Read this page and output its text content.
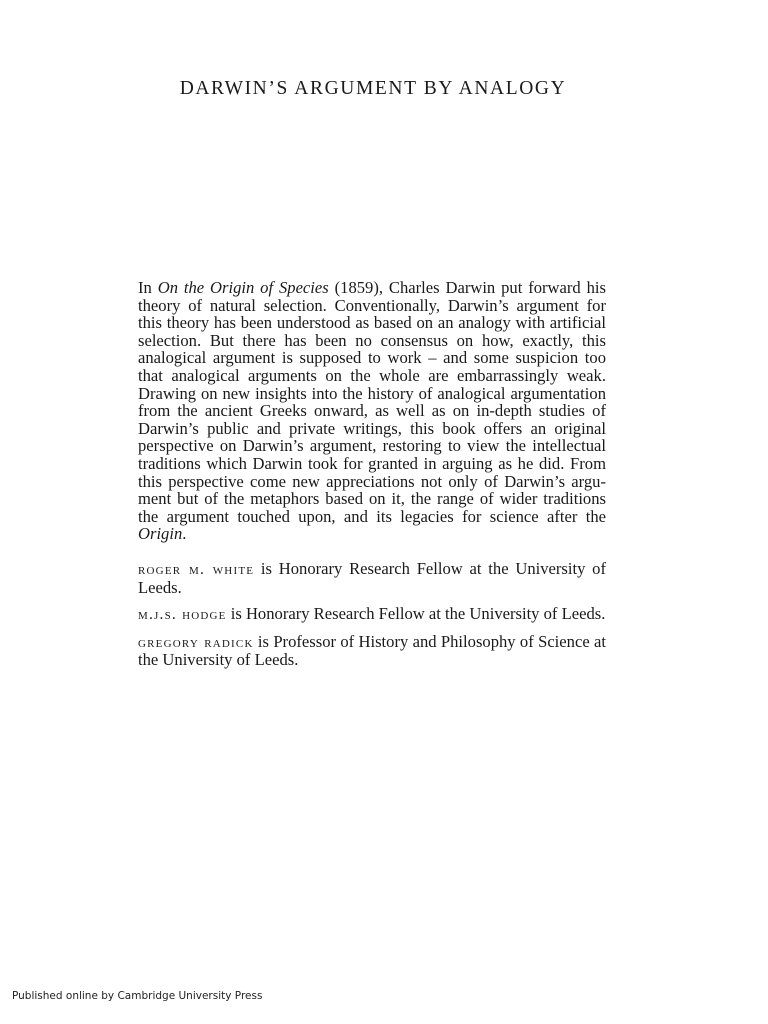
DARWIN’S ARGUMENT BY ANALOGY

In On the Origin of Species (1859), Charles Darwin put forward his theory of natural selection. Conventionally, Darwin’s argument for this theory has been understood as based on an analogy with artificial selection. But there has been no consensus on how, exactly, this analogical argument is supposed to work – and some suspicion too that analogical arguments on the whole are embarrassingly weak. Drawing on new insights into the history of analogical argumentation from the ancient Greeks onward, as well as on in-depth studies of Darwin’s public and private writings, this book offers an original perspective on Darwin’s argument, restoring to view the intellectual traditions which Darwin took for granted in arguing as he did. From this perspective come new appreciations not only of Darwin’s argument but of the metaphors based on it, the range of wider traditions the argument touched upon, and its legacies for science after the Origin.

roger m. white is Honorary Research Fellow at the University of Leeds.

m.j.s. hodge is Honorary Research Fellow at the University of Leeds.

gregory radick is Professor of History and Philosophy of Science at the University of Leeds.

Published online by Cambridge University Press
